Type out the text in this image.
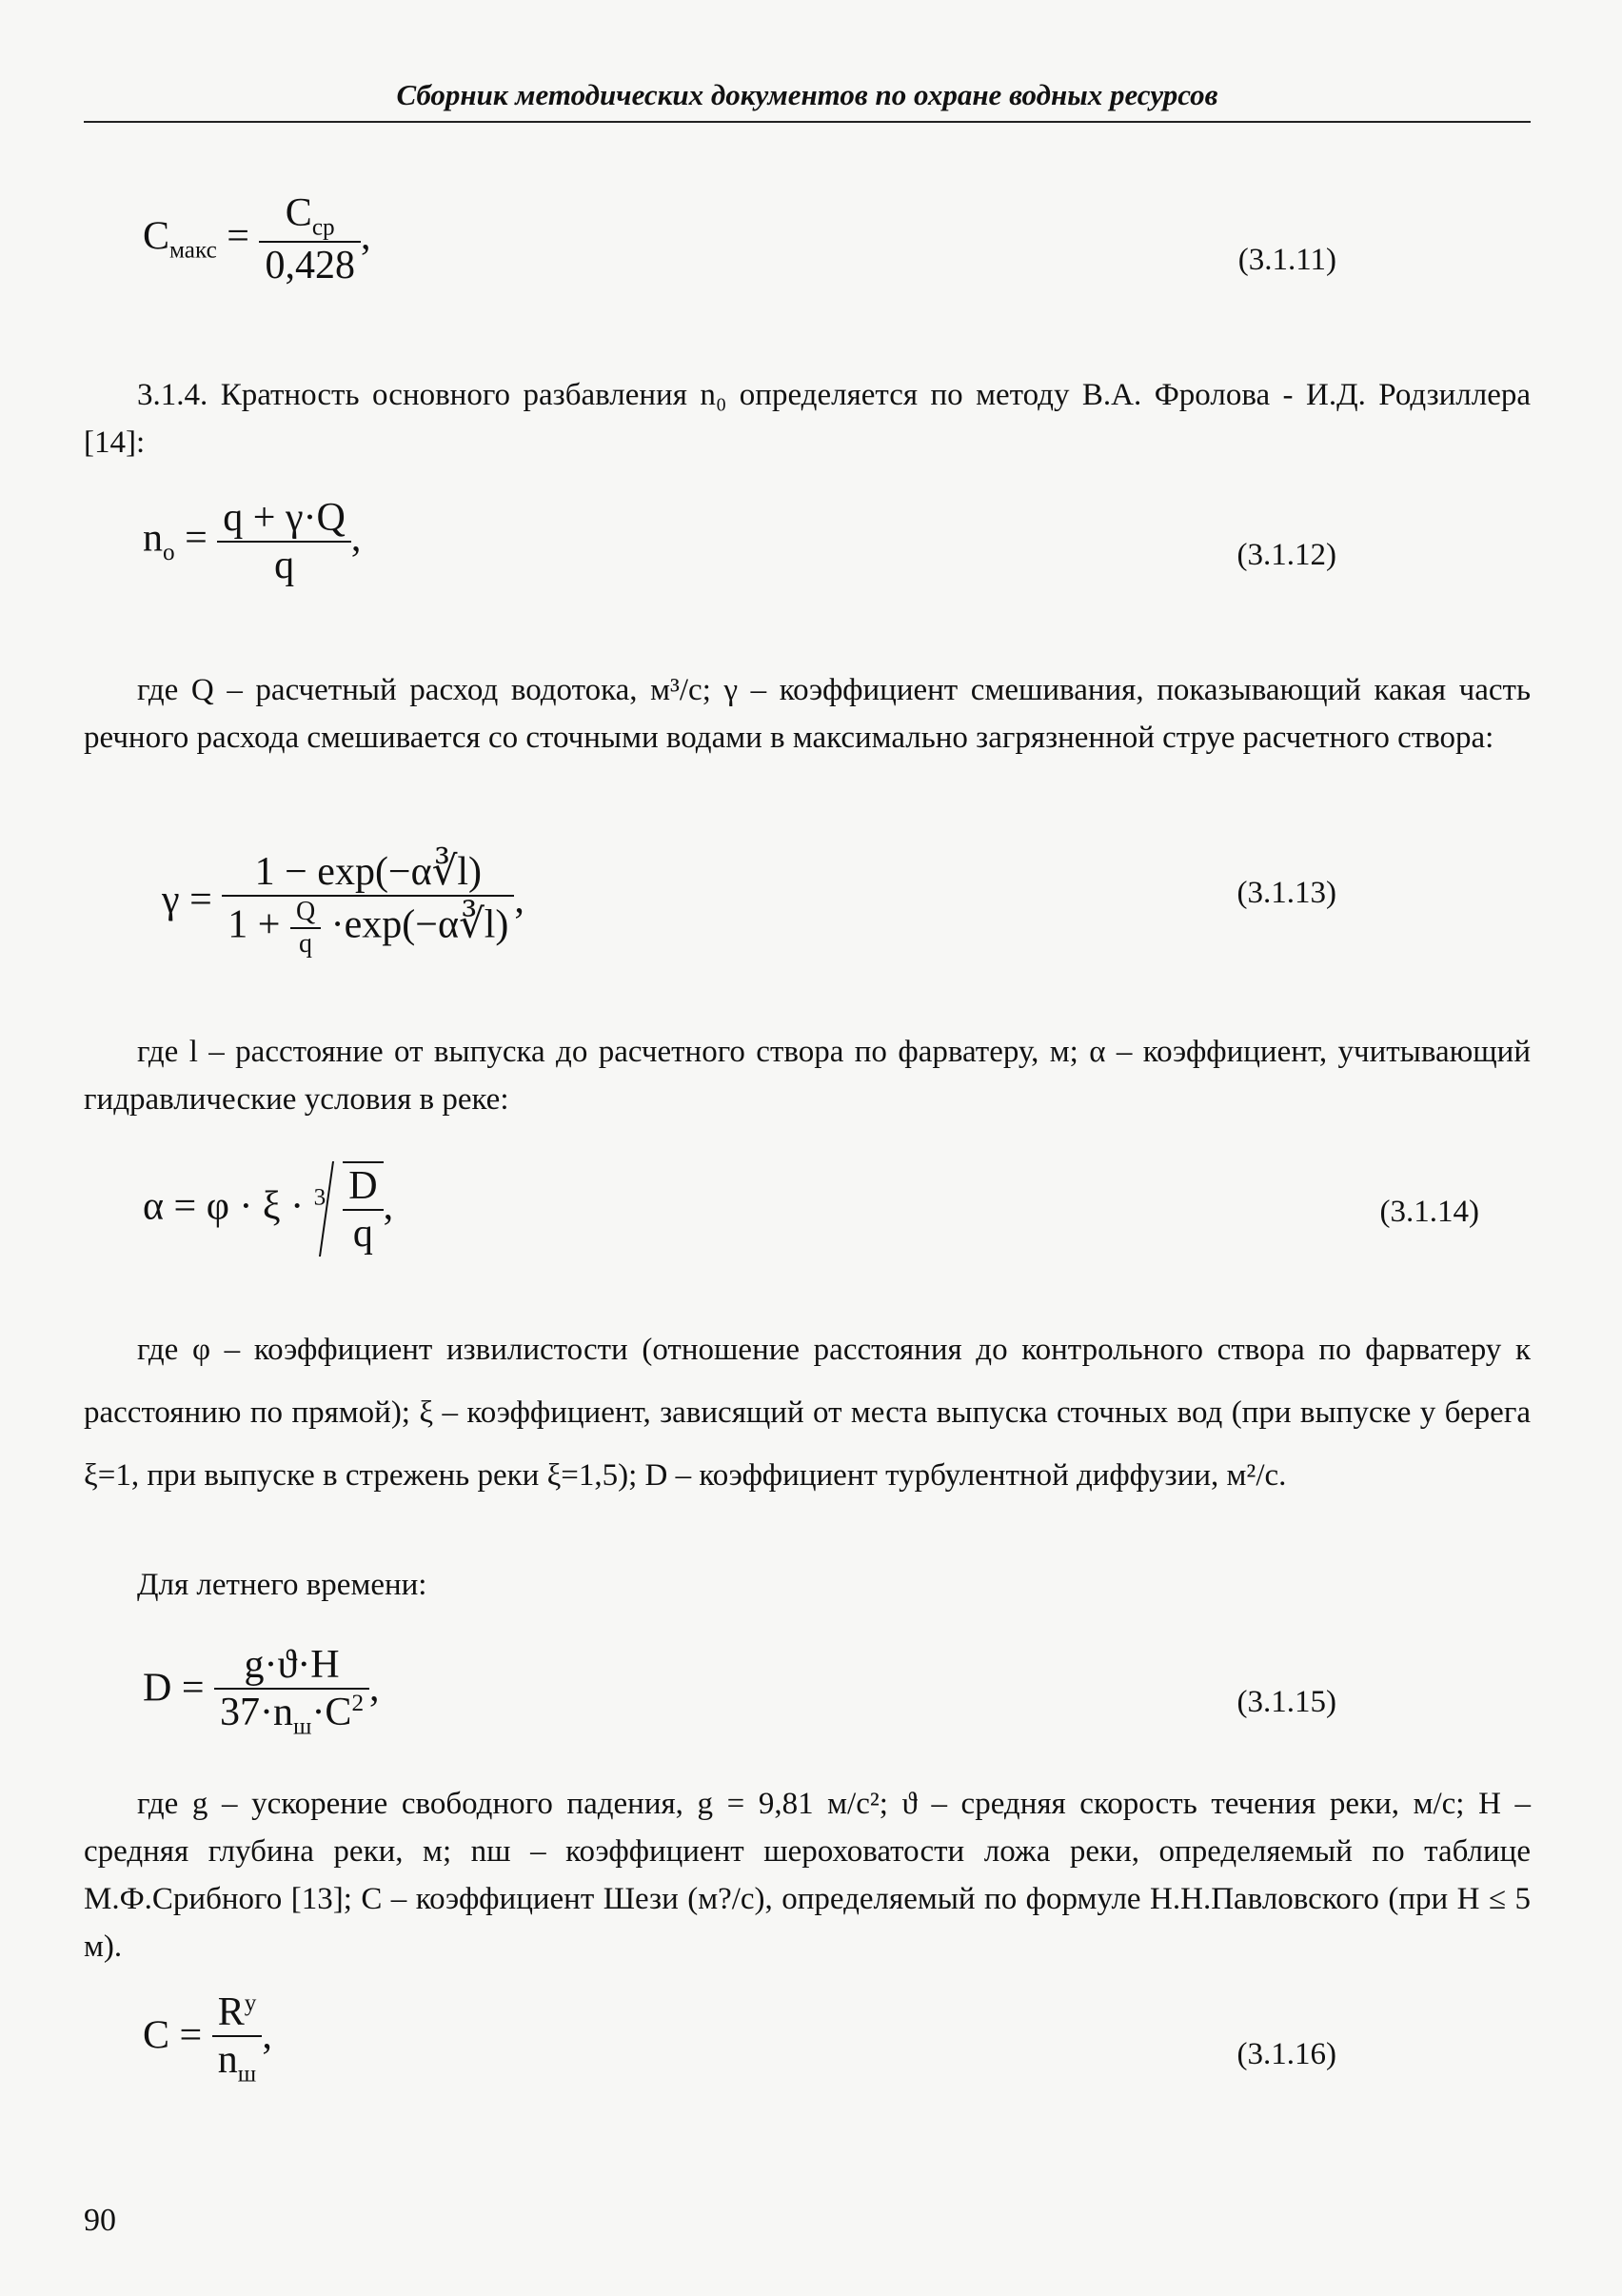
Сборник методических документов по охране водных ресурсов
$C_{макс} = \frac{C_{ср}}{0,428}$ ,
(3.1.11)
3.1.4. Кратность основного разбавления n₀ определяется по методу В.А. Фролова - И.Д. Родзиллера [14]:
$n_o = \frac{q + \gamma\cdot Q}{q}$ ,	(3.1.12)
где Q – расчетный расход водотока, м³/с; γ – коэффициент смешивания, показывающий какая часть речного расхода смешивается со сточными водами в максимально загрязненной струе расчетного створа:
γ =
1 − exp(−α∛l)
$1 + \frac{Q}{q}$ ·exp(−α∛l)
,	(3.1.13)
где l – расстояние от выпуска до расчетного створа по фарватеру, м; α – коэффициент, учитывающий гидравлические условия в реке:
$\alpha = \varphi \cdot \xi \cdot ^3 \frac{D}{q}$ ,	(3.1.14)
где φ – коэффициент извилистости (отношение расстояния до контрольного створа по фарватеру к расстоянию по прямой); ξ – коэффициент, зависящий от места выпуска сточных вод (при выпуске у берега ξ=1, при выпуске в стрежень реки ξ=1,5); D – коэффициент турбулентной диффузии, м²/с.
Для летнего времени:
$D = \frac{g\cdot ϑ\cdot H}{37\cdot n_ш\cdot C^2}$ ,	(3.1.15)
где g – ускорение свободного падения, g = 9,81 м/с²; ϑ – средняя скорость течения реки, м/с; H – средняя глубина реки, м; nш – коэффициент шероховатости ложа реки, определяемый по таблице М.Ф.Срибного [13]; C – коэффициент Шези (м?/с), определяемый по формуле Н.Н.Павловского (при H ≤ 5 м).
$C = \frac{R^y}{n_ш}$ ,	(3.1.16)
90
